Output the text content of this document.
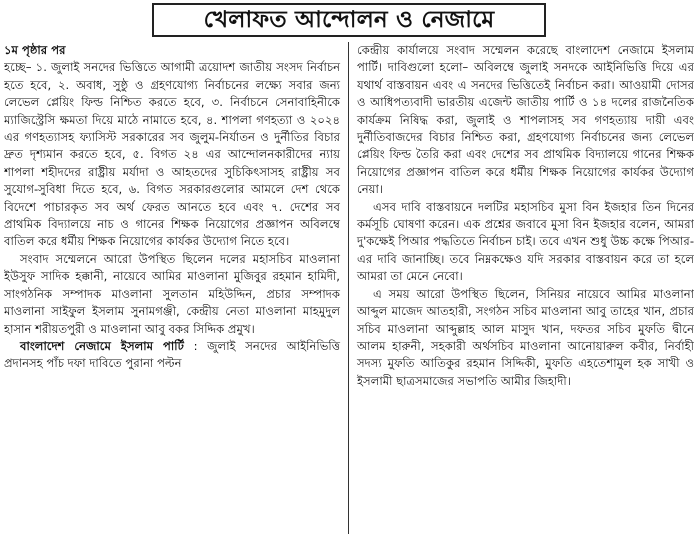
খেলাফত আন্দোলন ও নেজামে

১ম পৃষ্ঠার পর

হচ্ছে– ১. জুলাই সনদের ভিত্তিতে আগামী ত্রয়োদশ জাতীয় সংসদ নির্বাচন হতে হবে, ২. অবাধ, সুষ্ঠু ও গ্রহণযোগ্য নির্বাচনের লক্ষ্যে সবার জন্য লেভেল প্লেয়িং ফিল্ড নিশ্চিত করতে হবে, ৩. নির্বাচনে সেনাবাহিনীকে ম্যাজিস্ট্রেসি ক্ষমতা দিয়ে মাঠে নামাতে হবে, ৪. শাপলা গণহত্যা ও ২০২৪ এর গণহত্যাসহ ফ্যাসিস্ট সরকারের সব জুলুম-নির্যাতন ও দুর্নীতির বিচার দ্রুত দৃশ্যমান করতে হবে, ৫. বিগত ২৪ এর আন্দোলনকারীদের ন্যায় শাপলা শহীদদের রাষ্ট্রীয় মর্যাদা ও আহতদের সুচিকিৎসাসহ রাষ্ট্রীয় সব সুযোগ-সুবিধা দিতে হবে, ৬. বিগত সরকারগুলোর আমলে দেশ থেকে বিদেশে পাচারকৃত সব অর্থ ফেরত আনতে হবে এবং ৭. দেশের সব প্রাথমিক বিদ্যালয়ে নাচ ও গানের শিক্ষক নিয়োগের প্রজ্ঞাপন অবিলম্বে বাতিল করে ধর্মীয় শিক্ষক নিয়োগের কার্যকর উদ্যোগ নিতে হবে।

সংবাদ সম্মেলনে আরো উপস্থিত ছিলেন দলের মহাসচিব মাওলানা ইউসুফ সাদিক হক্কানী, নায়েবে আমির মাওলানা মুজিবুর রহমান হামিদী, সাংগঠনিক সম্পাদক মাওলানা সুলতান মহিউদ্দিন, প্রচার সম্পাদক মাওলানা সাইফুল ইসলাম সুনামগঞ্জী, কেন্দ্রীয় নেতা মাওলানা মাহমুদুল হাসান শরীয়তপুরী ও মাওলানা আবু বকর সিদ্দিক প্রমুখ।

বাংলাদেশ নেজামে ইসলাম পার্টি : জুলাই সনদের আইনিভিত্তি প্রদানসহ পাঁচ দফা দাবিতে পুরানা পল্টন

কেন্দ্রীয় কার্যালয়ে সংবাদ সম্মেলন করেছে বাংলাদেশ নেজামে ইসলাম পার্টি। দাবিগুলো হলো– অবিলম্বে জুলাই সনদকে আইনিভিত্তি দিয়ে এর যথার্থ বাস্তবায়ন এবং এ সনদের ভিত্তিতেই নির্বাচন করা। আওয়ামী দোসর ও আধিপত্যবাদী ভারতীয় এজেন্ট জাতীয় পার্টি ও ১৪ দলের রাজনৈতিক কার্যক্রম নিষিদ্ধ করা, জুলাই ও শাপলাসহ সব গণহত্যায় দায়ী এবং দুর্নীতিবাজদের বিচার নিশ্চিত করা, গ্রহণযোগ্য নির্বাচনের জন্য লেভেল প্লেয়িং ফিল্ড তৈরি করা এবং দেশের সব প্রাথমিক বিদ্যালয়ে গানের শিক্ষক নিয়োগের প্রজ্ঞাপন বাতিল করে ধর্মীয় শিক্ষক নিয়োগের কার্যকর উদ্যোগ নেয়া।

এসব দাবি বাস্তবায়নে দলটির মহাসচিব মুসা বিন ইজহার তিন দিনের কর্মসূচি ঘোষণা করেন। এক প্রশ্নের জবাবে মুসা বিন ইজহার বলেন, আমরা দু'কক্ষেই পিআর পদ্ধতিতে নির্বাচন চাই। তবে এখন শুধু উচ্চ কক্ষে পিআর-এর দাবি জানাচ্ছি। তবে নিম্নকক্ষেও যদি সরকার বাস্তবায়ন করে তা হলে আমরা তা মেনে নেবো।

এ সময় আরো উপস্থিত ছিলেন, সিনিয়র নায়েবে আমির মাওলানা আব্দুল মাজেদ আতহারী, সংগঠন সচিব মাওলানা আবু তাহের খান, প্রচার সচিব মাওলানা আব্দুল্লাহ আল মাসুদ খান, দফতর সচিব মুফতি দ্বীনে আলম হারুনী, সহকারী অর্থসচিব মাওলানা আনোয়ারুল কবীর, নির্বাহী সদস্য মুফতি আতিকুর রহমান সিদ্দিকী, মুফতি এহতেশামুল হক সাখী ও ইসলামী ছাত্রসমাজের সভাপতি আমীর জিহাদী।
